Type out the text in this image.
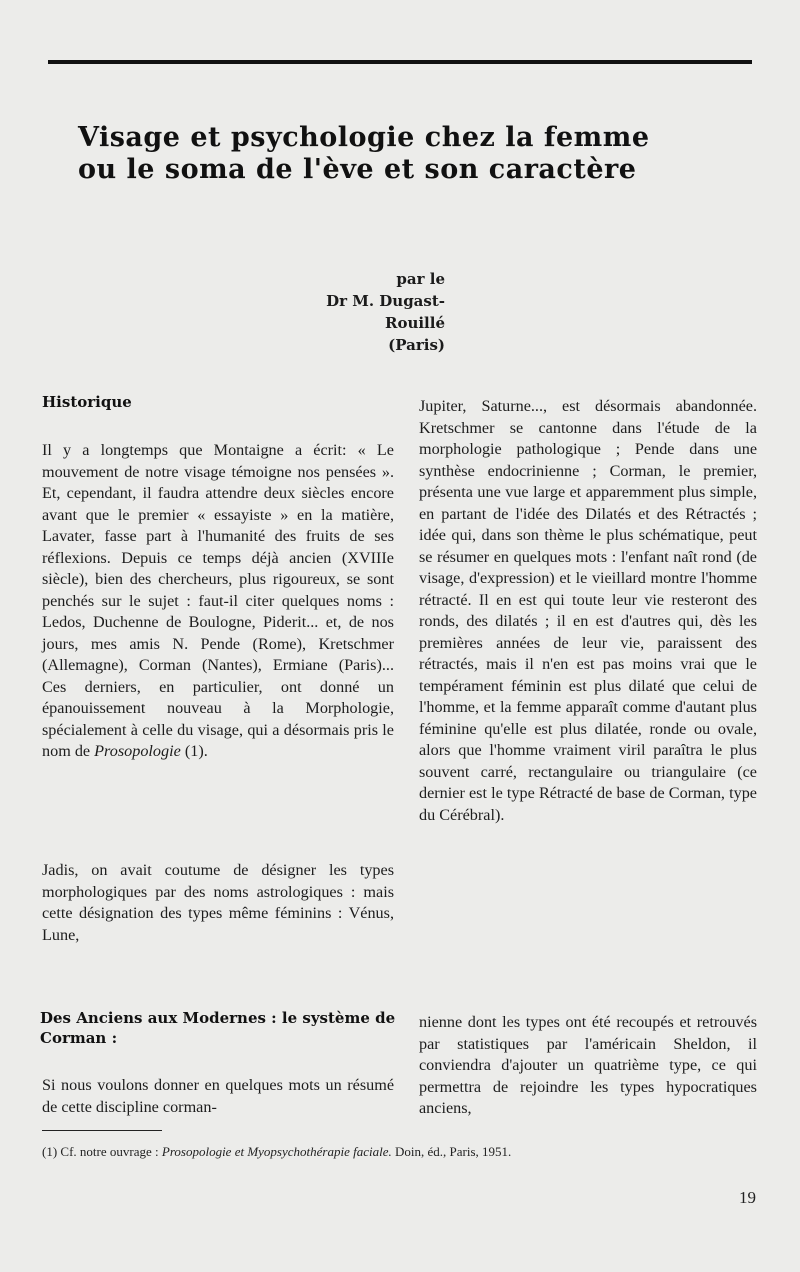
Visage et psychologie chez la femme
ou le soma de l'ève et son caractère
par le
Dr M. Dugast-Rouillé
(Paris)
Historique

Il y a longtemps que Montaigne a écrit: « Le mouvement de notre visage témoigne nos pensées ». Et, cependant, il faudra attendre deux siècles encore avant que le premier « essayiste » en la matière, Lavater, fasse part à l'humanité des fruits de ses réflexions. Depuis ce temps déjà ancien (XVIIIe siècle), bien des chercheurs, plus rigoureux, se sont penchés sur le sujet : faut-il citer quelques noms : Ledos, Duchenne de Boulogne, Piderit... et, de nos jours, mes amis N. Pende (Rome), Kretschmer (Allemagne), Corman (Nantes), Ermiane (Paris)... Ces derniers, en particulier, ont donné un épanouissement nouveau à la Morphologie, spécialement à celle du visage, qui a désormais pris le nom de Prosopologie (1).

Jadis, on avait coutume de désigner les types morphologiques par des noms astrologiques : mais cette désignation des types même féminins : Vénus, Lune,

Jupiter, Saturne..., est désormais abandonnée. Kretschmer se cantonne dans l'étude de la morphologie pathologique ; Pende dans une synthèse endocrinienne ; Corman, le premier, présenta une vue large et apparemment plus simple, en partant de l'idée des Dilatés et des Rétractés ; idée qui, dans son thème le plus schématique, peut se résumer en quelques mots : l'enfant naît rond (de visage, d'expression) et le vieillard montre l'homme rétracté. Il en est qui toute leur vie resteront des ronds, des dilatés ; il en est d'autres qui, dès les premières années de leur vie, paraissent des rétractés, mais il n'en est pas moins vrai que le tempérament féminin est plus dilaté que celui de l'homme, et la femme apparaît comme d'autant plus féminine qu'elle est plus dilatée, ronde ou ovale, alors que l'homme vraiment viril paraîtra le plus souvent carré, rectangulaire ou triangulaire (ce dernier est le type Rétracté de base de Corman, type du Cérébral).

Des Anciens aux Modernes : le système de Corman :

Si nous voulons donner en quelques mots un résumé de cette discipline corman-

nienne dont les types ont été recoupés et retrouvés par statistiques par l'américain Sheldon, il conviendra d'ajouter un quatrième type, ce qui permettra de rejoindre les types hypocratiques anciens,

(1) Cf. notre ouvrage : Prosopologie et Myopsychothérapie faciale. Doin, éd., Paris, 1951.

19
